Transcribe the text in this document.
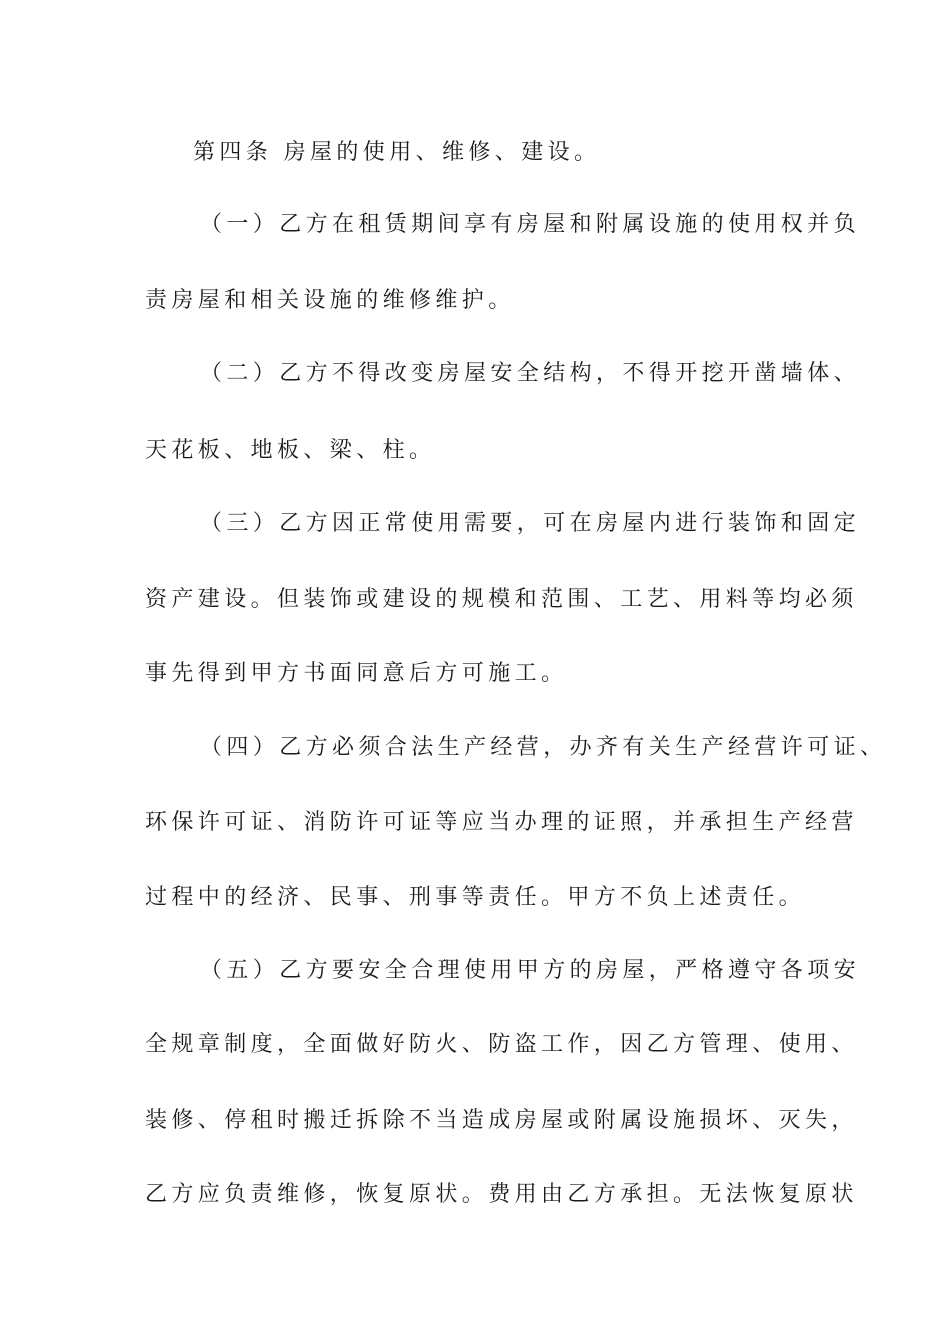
第四条 房屋的使用、维修、建设。
（一）乙方在租赁期间享有房屋和附属设施的使用权并负
责房屋和相关设施的维修维护。
（二）乙方不得改变房屋安全结构，不得开挖开凿墙体、
天花板、地板、梁、柱。
（三）乙方因正常使用需要，可在房屋内进行装饰和固定
资产建设。但装饰或建设的规模和范围、工艺、用料等均必须
事先得到甲方书面同意后方可施工。
（四）乙方必须合法生产经营，办齐有关生产经营许可证、
环保许可证、消防许可证等应当办理的证照，并承担生产经营
过程中的经济、民事、刑事等责任。甲方不负上述责任。
（五）乙方要安全合理使用甲方的房屋，严格遵守各项安
全规章制度，全面做好防火、防盗工作，因乙方管理、使用、
装修、停租时搬迁拆除不当造成房屋或附属设施损坏、灭失，
乙方应负责维修，恢复原状。费用由乙方承担。无法恢复原状
